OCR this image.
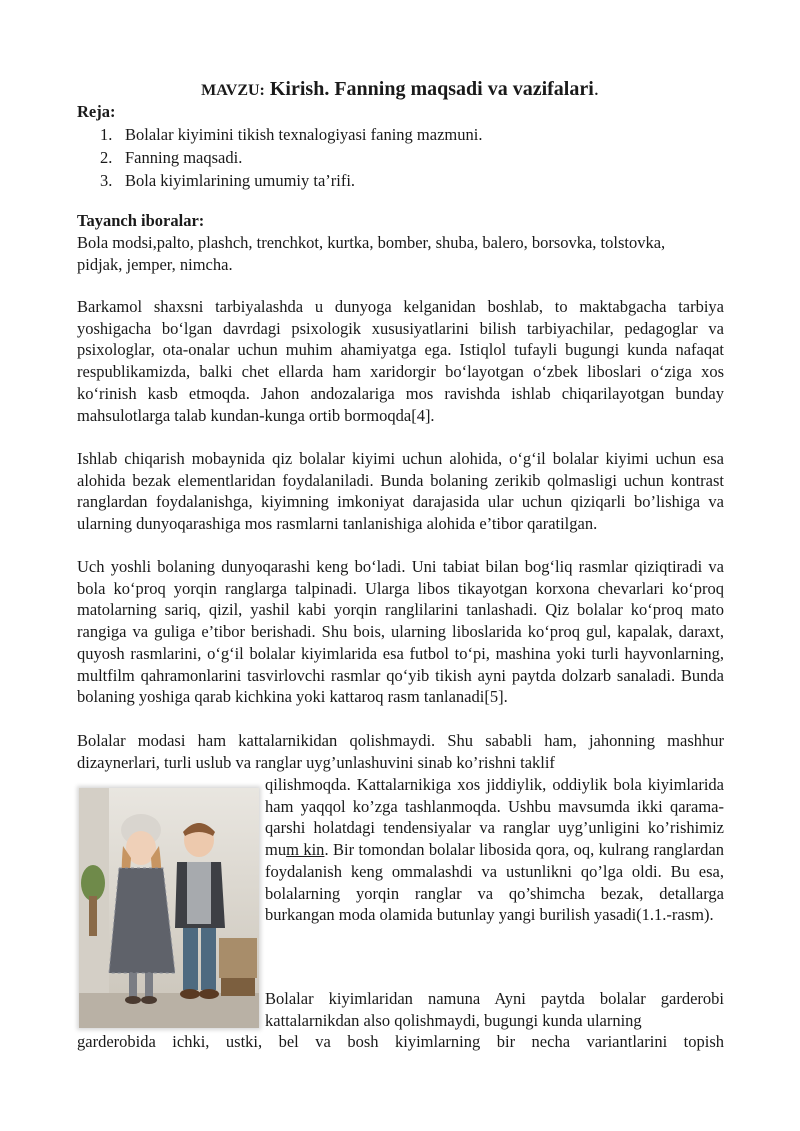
MAVZU: Kirish. Fanning maqsadi va vazifalari.
Reja:
1. Bolalar kiyimini tikish texnalogiyasi faning mazmuni.
2. Fanning maqsadi.
3. Bola kiyimlarining umumiy ta’rifi.
Tayanch iboralar:
Bola modsi,palto, plashch, trenchkot, kurtka, bomber, shuba, balero, borsovka, tolstovka, pidjak, jemper, nimcha.
Barkamol shaxsni tarbiyalashda u dunyoga kelganidan boshlab, to maktabgacha tarbiya yoshigacha bo‘lgan davrdagi psixologik xususiyatlarini bilish tarbiyachilar, pedagoglar va psixologlar, ota-onalar uchun muhim ahamiyatga ega. Istiqlol tufayli bugungi kunda nafaqat respublikamizda, balki chet ellarda ham xaridorgir bo‘layotgan o‘zbek liboslari o‘ziga xos ko‘rinish kasb etmoqda. Jahon andozalariga mos ravishda ishlab chiqarilayotgan bunday mahsulotlarga talab kundan-kunga ortib bormoqda[4].
Ishlab chiqarish mobaynida qiz bolalar kiyimi uchun alohida, o‘g‘il bolalar kiyimi uchun esa alohida bezak elementlaridan foydalaniladi. Bunda bolaning zerikib qolmasligi uchun kontrast ranglardan foydalanishga, kiyimning imkoniyat darajasida ular uchun qiziqarli bo’lishiga va ularning dunyoqarashiga mos rasmlarni tanlanishiga alohida e’tibor qaratilgan.
Uch yoshli bolaning dunyoqarashi keng bo‘ladi. Uni tabiat bilan bog‘liq rasmlar qiziqtiradi va bola ko‘proq yorqin ranglarga talpinadi. Ularga libos tikayotgan korxona chevarlari ko‘proq matolarning sariq, qizil, yashil kabi yorqin ranglilarini tanlashadi. Qiz bolalar ko‘proq mato rangiga va guliga e’tibor berishadi. Shu bois, ularning liboslarida ko‘proq gul, kapalak, daraxt, quyosh rasmlarini, o‘g‘il bolalar kiyimlarida esa futbol to‘pi, mashina yoki turli hayvonlarning, multfilm qahramonlarini tasvirlovchi rasmlar qo‘yib tikish ayni paytda dolzarb sanaladi. Bunda bolaning yoshiga qarab kichkina yoki kattaroq rasm tanlanadi[5].
Bolalar modasi ham kattalarnikidan qolishmaydi. Shu sababli ham, jahonning mashhur dizaynerlari, turli uslub va ranglar uyg’unlashuvini sinab ko’rishni taklif
qilishmoqda. Kattalarnikiga xos jiddiylik, oddiylik bola kiyimlarida ham yaqqol ko’zga tashlanmoqda. Ushbu mavsumda ikki qarama-qarshi holatdagi tendensiyalar va ranglar uyg’unligini ko’rishimiz mum kin. Bir tomondan bolalar libosida qora, oq, kulrang ranglardan foydalanish keng ommalashdi va ustunlikni qo’lga oldi. Bu esa, bolalarning yorqin ranglar va qo’shimcha bezak, detallarga burkangan moda olamida butunlay yangi burilish yasadi(1.1.-rasm).
Bolalar kiyimlaridan namuna Ayni paytda bolalar garderobi kattalarnikdan also qolishmaydi, bugungi kunda ularning
garderobida ichki, ustki, bel va bosh kiyimlarning bir necha variantlarini topish
